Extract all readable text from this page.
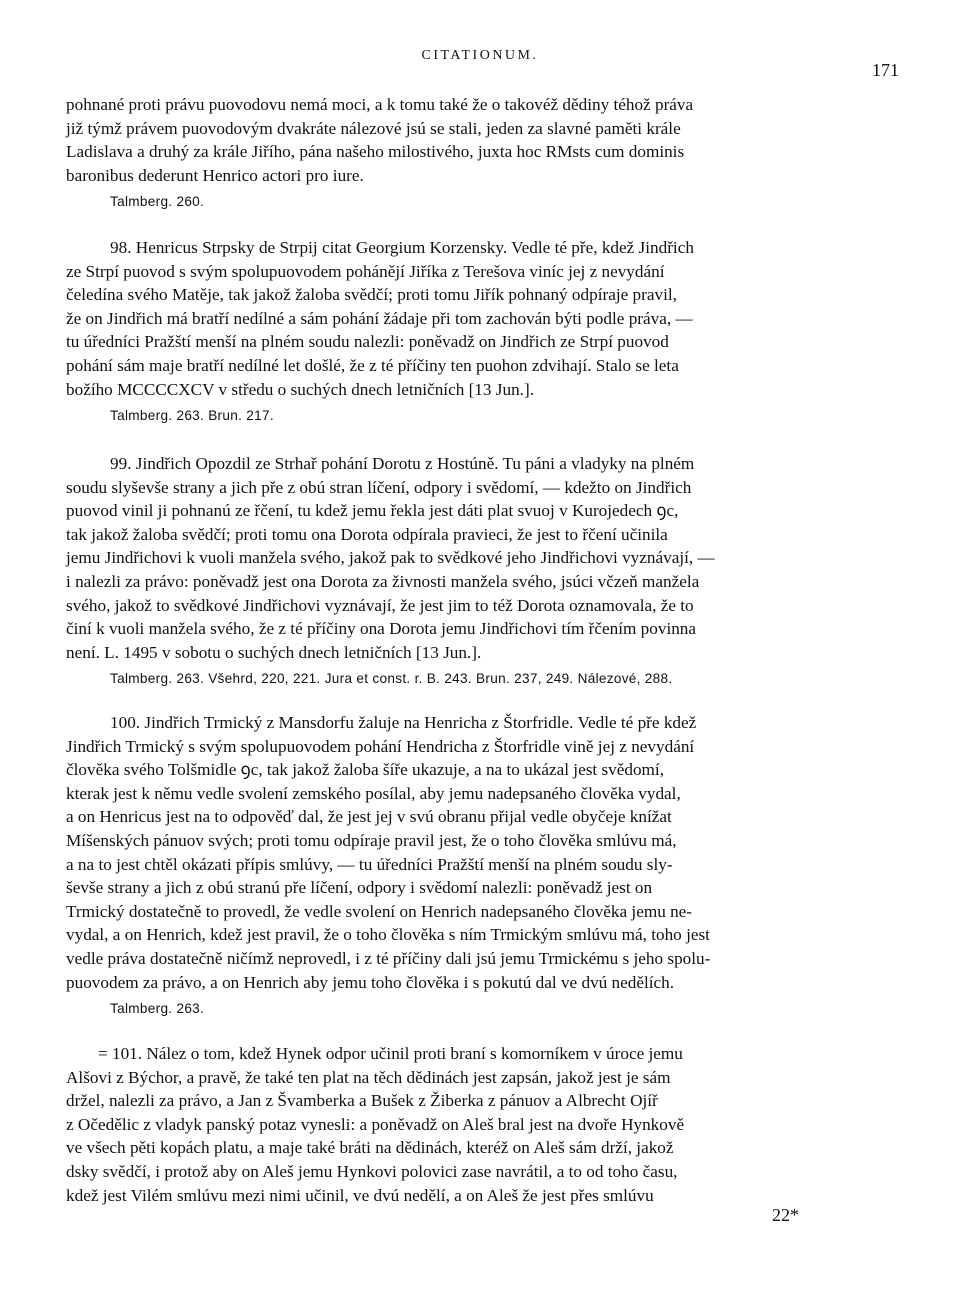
CITATIONUM.
171

pohnané proti právu puovodovu nemá moci, a k tomu také že o takovéž dědiny téhož práva
již týmž právem puovodovým dvakráte nálezové jsú se stali, jeden za slavné paměti krále
Ladislava a druhý za krále Jiřího, pána našeho milostivého, juxta hoc RMsts cum dominis
baronibus dederunt Henrico actori pro iure.

Talmberg. 260.

98. Henricus Strpsky de Strpij citat Georgium Korzensky. Vedle té pře, kdež Jindřich
ze Strpí puovod s svým spolupuovodem pohánějí Jiříka z Terešova viníc jej z nevydání
čeledína svého Matěje, tak jakož žaloba svědčí; proti tomu Jiřík pohnaný odpíraje pravil,
že on Jindřich má bratří nedílné a sám pohání žádaje při tom zachován býti podle práva, —
tu úředníci Pražští menší na plném soudu nalezli: poněvadž on Jindřich ze Strpí puovod
pohání sám maje bratří nedílné let došlé, že z té příčiny ten puohon zdvihají. Stalo se leta
božího MCCCCXCV v středu o suchých dnech letničních [13 Jun.].

Talmberg. 263. Brun. 217.

99. Jindřich Opozdil ze Strhař pohání Dorotu z Hostúně. Tu páni a vladyky na plném
soudu slyševše strany a jich pře z obú stran líčení, odpory i svědomí, — kdežto on Jindřich
puovod vinil ji pohnanú ze řčení, tu kdež jemu řekla jest dáti plat svuoj v Kurojedech ꝯc,
tak jakož žaloba svědčí; proti tomu ona Dorota odpírala pravieci, že jest to řčení učinila
jemu Jindřichovi k vuoli manžela svého, jakož pak to svědkové jeho Jindřichovi vyznávají, —
i nalezli za právo: poněvadž jest ona Dorota za živnosti manžela svého, jsúci včzeň manžela
svého, jakož to svědkové Jindřichovi vyznávají, že jest jim to též Dorota oznamovala, že to
činí k vuoli manžela svého, že z té příčiny ona Dorota jemu Jindřichovi tím řčením povinna
není. L. 1495 v sobotu o suchých dnech letničních [13 Jun.].

Talmberg. 263. Všehrd, 220, 221. Jura et const. r. B. 243. Brun. 237, 249. Nálezové, 288.

100. Jindřich Trmický z Mansdorfu žaluje na Henricha z Štorfridle. Vedle té pře kdež
Jindřich Trmický s svým spolupuovodem pohání Hendricha z Štorfridle vině jej z nevydání
člověka svého Tolšmidle ꝯc, tak jakož žaloba šíře ukazuje, a na to ukázal jest svědomí,
kterak jest k němu vedle svolení zemského posílal, aby jemu nadepsaného člověka vydal,
a on Henricus jest na to odpověď dal, že jest jej v svú obranu přijal vedle obyčeje knížat
Míšenských pánuov svých; proti tomu odpíraje pravil jest, že o toho člověka smlúvu má,
a na to jest chtěl okázati přípis smlúvy, — tu úředníci Pražští menší na plném soudu sly-
ševše strany a jich z obú stranú pře líčení, odpory i svědomí nalezli: poněvadž jest on
Trmický dostatečně to provedl, že vedle svolení on Henrich nadepsaného člověka jemu ne-
vydal, a on Henrich, kdež jest pravil, že o toho člověka s ním Trmickým smlúvu má, toho jest
vedle práva dostatečně ničímž neprovedl, i z té příčiny dali jsú jemu Trmickému s jeho spolu-
puovodem za právo, a on Henrich aby jemu toho člověka i s pokutú dal ve dvú nedělích.

Talmberg. 263.

= 101. Nález o tom, kdež Hynek odpor učinil proti braní s komorníkem v úroce jemu
Alšovi z Býchor, a pravě, že také ten plat na těch dědinách jest zapsán, jakož jest je sám
držel, nalezli za právo, a Jan z Švamberka a Bušek z Žiberka z pánuov a Albrecht Ojíř
z Očedělic z vladyk panský potaz vynesli: a poněvadž on Aleš bral jest na dvoře Hynkově
ve všech pěti kopách platu, a maje také bráti na dědinách, kteréž on Aleš sám drží, jakož
dsky svědčí, i protož aby on Aleš jemu Hynkovi polovici zase navrátil, a to od toho času,
kdež jest Vilém smlúvu mezi nimi učinil, ve dvú nedělí, a on Aleš že jest přes smlúvu

22*
